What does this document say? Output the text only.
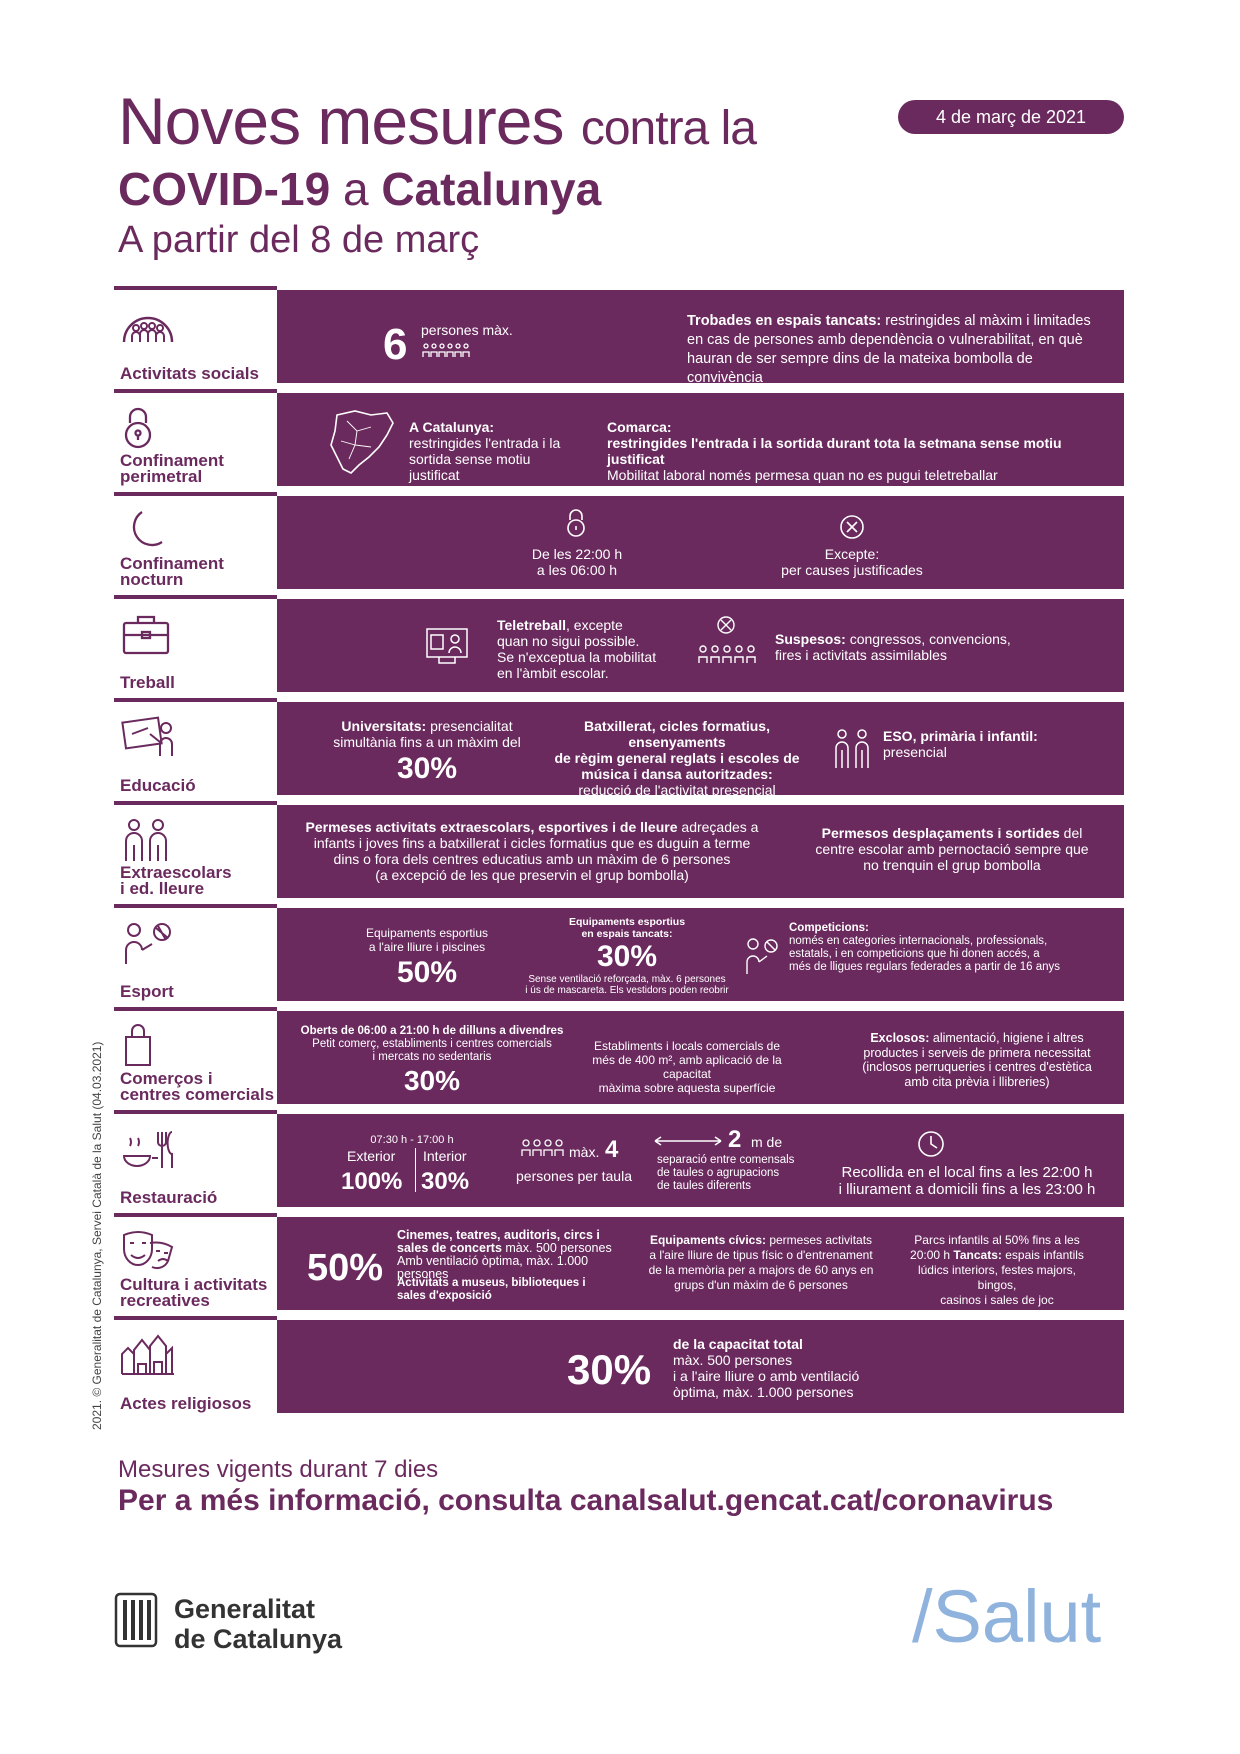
Noves mesures contra la
COVID-19 a Catalunya
A partir del 8 de març
4 de març de 2021
2021. © Generalitat de Catalunya, Servei Català de la Salut (04.03.2021)
Activitats socials
6 persones màx.
Trobades en espais tancats: restringides al màxim i limitades en cas de persones amb dependència o vulnerabilitat, en què hauran de ser sempre dins de la mateixa bombolla de convivència
Confinament
perimetral
A Catalunya:
restringides l'entrada i la sortida sense motiu justificat
Comarca:
restringides l'entrada i la sortida durant tota la setmana sense motiu justificat
Mobilitat laboral només permesa quan no es pugui teletreballar
Confinament
nocturn
De les 22:00 h
a les 06:00 h
Excepte:
per causes justificades
Treball
Teletreball, excepte
quan no sigui possible.
Se n'exceptua la mobilitat
en l'àmbit escolar.
Suspesos: congressos, convencions,
fires i activitats assimilables
Educació
Universitats: presencialitat
simultània fins a un màxim del
30%
Batxillerat, cicles formatius, ensenyaments
de règim general reglats i escoles de
música i dansa autoritzades:
reducció de l'activitat presencial
ESO, primària i infantil:
presencial
Extraescolars
i ed. lleure
Permeses activitats extraescolars, esportives i de lleure adreçades a
infants i joves fins a batxillerat i cicles formatius que es duguin a terme
dins o fora dels centres educatius amb un màxim de 6 persones
(a excepció de les que preservin el grup bombolla)
Permesos desplaçaments i sortides del
centre escolar amb pernoctació sempre que
no trenquin el grup bombolla
Esport
Equipaments esportius
a l'aire lliure i piscines
50%
Equipaments esportius
en espais tancats:
30%
Sense ventilació reforçada, màx. 6 persones
i ús de mascareta. Els vestidors poden reobrir
Competicions:
només en categories internacionals, professionals,
estatals, i en competicions que hi donen accés, a
més de lligues regulars federades a partir de 16 anys
Comerços i
centres comercials
Oberts de 06:00 a 21:00 h de dilluns a divendres
Petit comerç, establiments i centres comercials
i mercats no sedentaris
30%
Establiments i locals comercials de
més de 400 m², amb aplicació de la capacitat
màxima sobre aquesta superfície
Exclosos: alimentació, higiene i altres
productes i serveis de primera necessitat
(inclosos perruqueries i centres d'estètica
amb cita prèvia i llibreries)
Restauració
07:30 h - 17:00 h
Exterior Interior
100% 30%
màx. 4
persones per taula
2 m de
separació entre comensals
de taules o agrupacions
de taules diferents
Recollida en el local fins a les 22:00 h
i lliurament a domicili fins a les 23:00 h
Cultura i activitats
recreatives
50%
Cinemes, teatres, auditoris, circs i
sales de concerts màx. 500 persones
Amb ventilació òptima, màx. 1.000 persones
Activitats a museus, biblioteques i
sales d'exposició
Equipaments cívics: permeses activitats
a l'aire lliure de tipus físic o d'entrenament
de la memòria per a majors de 60 anys en
grups d'un màxim de 6 persones
Parcs infantils al 50% fins a les
20:00 h Tancats: espais infantils
lúdics interiors, festes majors, bingos,
casinos i sales de joc
Actes religiosos
30%
de la capacitat total
màx. 500 persones
i a l'aire lliure o amb ventilació
òptima, màx. 1.000 persones
Mesures vigents durant 7 dies
Per a més informació, consulta canalsalut.gencat.cat/coronavirus
Generalitat
de Catalunya	/Salut
